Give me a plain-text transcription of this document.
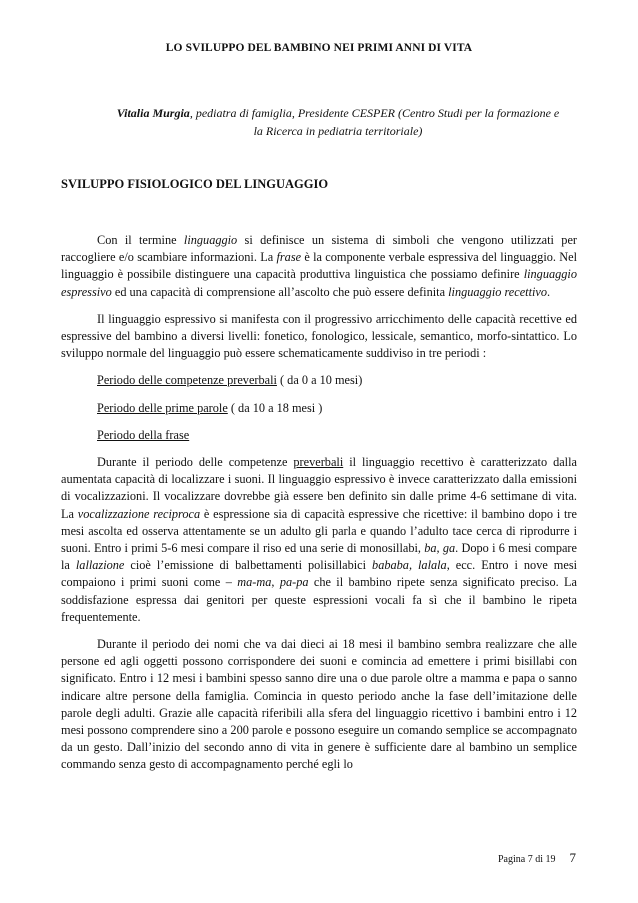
LO SVILUPPO DEL BAMBINO NEI PRIMI ANNI DI VITA
Vitalia Murgia, pediatra di famiglia, Presidente CESPER (Centro Studi per la formazione e
la Ricerca in pediatria territoriale)
SVILUPPO FISIOLOGICO DEL LINGUAGGIO

Con il termine linguaggio si definisce un sistema di simboli che vengono utilizzati per raccogliere e/o scambiare informazioni. La frase è la componente verbale espressiva del linguaggio. Nel linguaggio è possibile distinguere una capacità produttiva linguistica che possiamo definire linguaggio espressivo ed una capacità di comprensione all’ascolto che può essere definita linguaggio recettivo.

Il linguaggio espressivo si manifesta con il progressivo arricchimento delle capacità recettive ed espressive del bambino a diversi livelli: fonetico, fonologico, lessicale, semantico, morfo-sintattico. Lo sviluppo normale del linguaggio può essere schematicamente suddiviso in tre periodi :

Periodo delle competenze preverbali ( da 0 a 10 mesi)

Periodo delle prime parole ( da 10 a 18 mesi )

Periodo della frase

Durante il periodo delle competenze preverbali il linguaggio recettivo è caratterizzato dalla aumentata capacità di localizzare i suoni. Il linguaggio espressivo è invece caratterizzato dalla emissioni di vocalizzazioni. Il vocalizzare dovrebbe già essere ben definito sin dalle prime 4-6 settimane di vita. La vocalizzazione reciproca è espressione sia di capacità espressive che ricettive: il bambino dopo i tre mesi ascolta ed osserva attentamente se un adulto gli parla e quando l’adulto tace cerca di riprodurre i suoni. Entro i primi 5-6 mesi compare il riso ed una serie di monosillabi, ba, ga. Dopo i 6 mesi compare la lallazione cioè l’emissione di balbettamenti polisillabici bababa, lalala, ecc. Entro i nove mesi compaiono i primi suoni come – ma-ma, pa-pa che il bambino ripete senza significato preciso. La soddisfazione espressa dai genitori per queste espressioni vocali fa sì che il bambino le ripeta frequentemente.

Durante il periodo dei nomi che va dai dieci ai 18 mesi il bambino sembra realizzare che alle persone ed agli oggetti possono corrispondere dei suoni e comincia ad emettere i primi bisillabi con significato. Entro i 12 mesi i bambini spesso sanno dire una o due parole oltre a mamma e papa o sanno indicare altre persone della famiglia. Comincia in questo periodo anche la fase dell’imitazione delle parole degli adulti. Grazie alle capacità riferibili alla sfera del linguaggio ricettivo i bambini entro i 12 mesi possono comprendere sino a 200 parole e possono eseguire un comando semplice se accompagnato da un gesto. Dall’inizio del secondo anno di vita in genere è sufficiente dare al bambino un semplice commando senza gesto di accompagnamento perché egli lo

Pagina 7 di 19 7
